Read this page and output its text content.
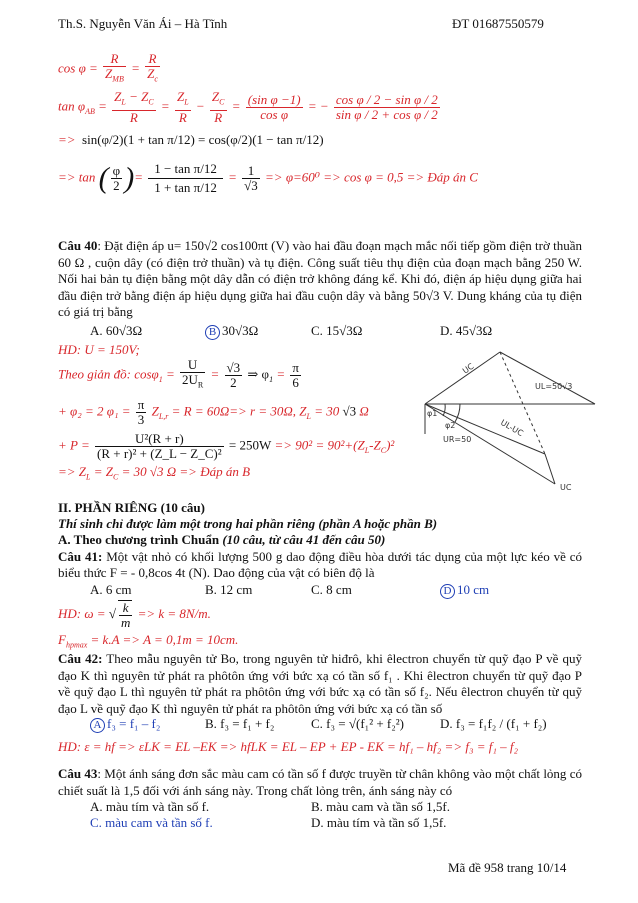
Th.S. Nguyễn Văn Ái – Hà Tĩnh	ĐT 01687550579
$\cos \varphi = \frac{R}{Z_{MB}} = \frac{R}{Z_c}$
$\tan \varphi_{AB} = \frac{Z_L - Z_C}{R} = \frac{Z_L}{R} - \frac{Z_C}{R} = \frac{\text{(sin φ −1)}}{\text{cos φ}}$ = − $\frac{\text{cos φ / 2 − sin φ / 2}}{\text{sin φ / 2 + cos φ / 2}}$
=> sin(φ/2)(1 + tan π/12) = cos(φ/2)(1 − tan π/12)
=> tan ( $\frac{\varphi}{2}$ )= $\frac{\text{1 − tan π/12}}{\text{1 + tan π/12}} = \frac{1}{√3} => \varphi=60^0 => \cos \varphi = 0,5$ => Đáp án C
Câu 40: Đặt điện áp u= 150√2 cos100πt (V) vào hai đầu đoạn mạch mắc nối tiếp gồm điện trờ thuần 60 Ω , cuộn dây (có điện trở thuần) và tụ điện. Công suất tiêu thụ điện của đoạn mạch bằng 250 W. Nối hai bản tụ điện bằng một dây dẫn có điện trở không đáng kể. Khi đó, điện áp hiệu dụng giữa hai đầu điện trở bằng điện áp hiệu dụng giữa hai đầu cuộn dây và bằng 50√3 V. Dung kháng của tụ điện có giá trị bằng
A. 60√3Ω	B 30√3Ω	C. 15√3Ω	D. 45√3Ω
HD: U = 150V;
Theo giản đồ: $\cos\varphi_1 = \frac{U}{2U_R} = \frac{√3}{2}$ ⇒ $\varphi_1 = \frac{\pi}{6}$
+ φ₂ = 2 $\varphi_1 = \frac{\pi}{3} Z_{L,r} = R = 60\Omega=> r = 30\Omega$, $Z_L = 30$ √3 Ω
+ $P = \frac{\text{U²(R + r)}}{\text{(R + r)² + (Z\_L − Z\_C)²}} = 250W => 90^2 = 90^2+(Z_L-Z_C)^2$
=> $Z_L = Z_C = 30$ √3 Ω => Đáp án B
UL=50√3
UC
φ1
φ2
UR=50
UL-UC
UC
II. PHẦN RIÊNG (10 câu)
Thí sinh chỉ được làm một trong hai phần riêng (phần A hoặc phần B)
A. Theo chương trình Chuẩn (10 câu, từ câu 41 đến câu 50)
Câu 41: Một vật nhỏ có khối lượng 500 g dao động điều hòa dưới tác dụng của một lực kéo về có biểu thức F = - 0,8cos 4t (N). Dao động của vật có biên độ là
A. 6 cm	B. 12 cm	C. 8 cm	D 10 cm
HD: ω = √ $\frac{k}{m} => k = 8N/m$.
$F_{hpmax} = k.A => A = 0,1m = 10cm$.
Câu 42: Theo mẫu nguyên tử Bo, trong nguyên tử hiđrô, khi êlectron chuyển từ quỹ đạo P về quỹ đạo K thì nguyên tử phát ra phôtôn ứng với bức xạ có tần số f₁ . Khi êlectron chuyển từ quỹ đạo P về quỹ đạo L thì nguyên tử phát ra phôtôn ứng với bức xạ có tần số f₂. Nếu êlectron chuyển từ quỹ đạo L về quỹ đạo K thì nguyên tử phát ra phôtôn ứng với bức xạ có tần số
A f₃ = f₁ – f₂	B. f₃ = f₁ + f₂	C. f₃ = √(f₁² + f₂²)	D. f₃ = f₁f₂ / (f₁ + f₂)
HD: ε = hf => εLK = EL –EK => hfLK = EL – EP + EP - EK = hf₁ – hf₂ => f₃ = f₁ – f₂
Câu 43: Một ánh sáng đơn sắc màu cam có tần số f được truyền từ chân không vào một chất lỏng có chiết suất là 1,5 đối với ánh sáng này. Trong chất lỏng trên, ánh sáng này có
A. màu tím và tần số f.	B. màu cam và tần số 1,5f.
C. màu cam và tần số f.	D. màu tím và tần số 1,5f.
Mã đề 958 trang 10/14
